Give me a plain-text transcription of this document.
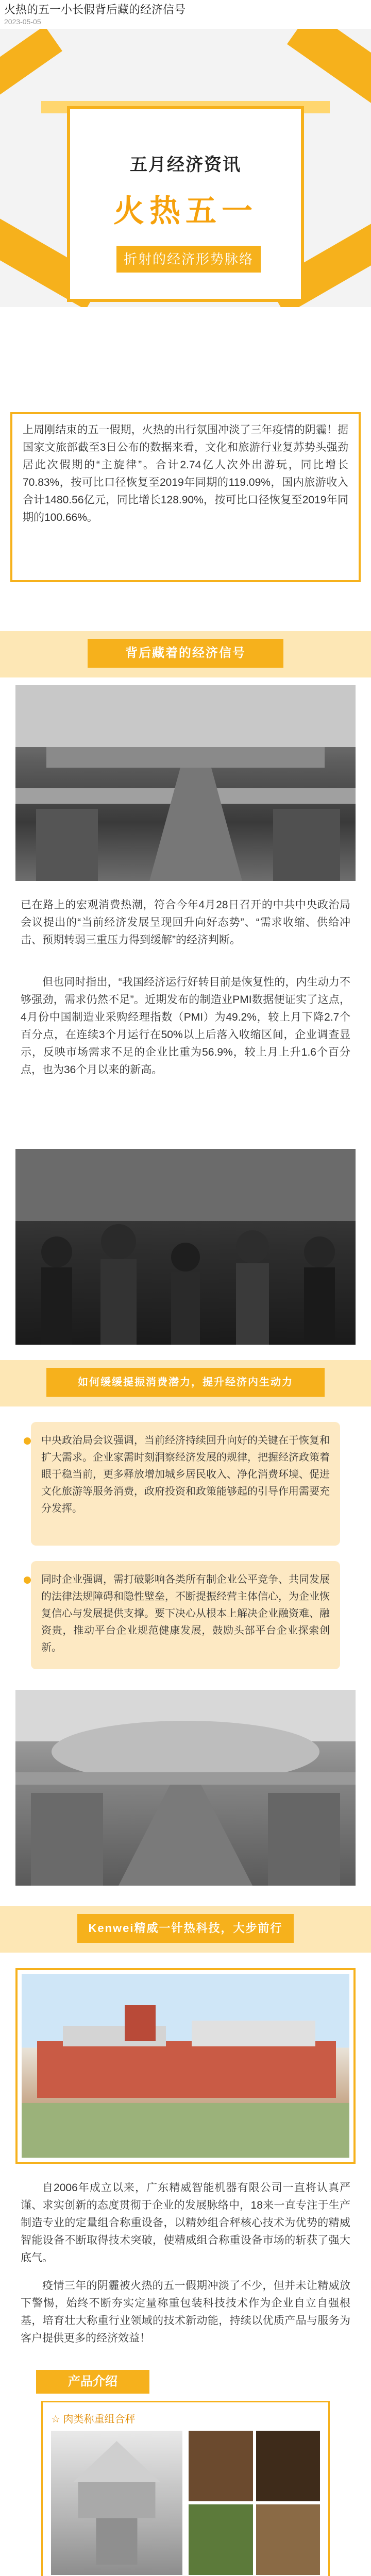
火热的五一小长假背后藏的经济信号
2023-05-05
五月经济资讯
火热五一
折射的经济形势脉络
上周刚结束的五一假期，火热的出行氛围冲淡了三年疫情的阴霾！据国家文旅部截至3日公布的数据来看，文化和旅游行业复苏势头强劲居此次假期的“主旋律”。合计2.74亿人次外出游玩，同比增长70.83%，按可比口径恢复至2019年同期的119.09%，国内旅游收入合计1480.56亿元，同比增长128.90%，按可比口径恢复至2019年同期的100.66%。
背后藏着的经济信号
已在路上的宏观消费热潮，符合今年4月28日召开的中共中央政治局会议提出的“当前经济发展呈现回升向好态势”、“需求收缩、供给冲击、预期转弱三重压力得到缓解”的经济判断。
但也同时指出，“我国经济运行好转目前是恢复性的，内生动力不够强劲，需求仍然不足”。近期发布的制造业PMI数据便证实了这点，4月份中国制造业采购经理指数（PMI）为49.2%，较上月下降2.7个百分点，在连续3个月运行在50%以上后落入收缩区间，企业调查显示，反映市场需求不足的企业比重为56.9%，较上月上升1.6个百分点，也为36个月以来的新高。
如何缓缓提振消费潜力，提升经济内生动力
中央政治局会议强调，当前经济持续回升向好的关键在于恢复和扩大需求。企业家需时刻洞察经济发展的规律，把握经济政策着眼于稳当前，更多释放增加城乡居民收入、净化消费环境、促进文化旅游等服务消费，政府投资和政策能够起的引导作用需要充分发挥。
同时企业强调，需打破影响各类所有制企业公平竞争、共同发展的法律法规障碍和隐性壁垒，不断提振经营主体信心，为企业恢复信心与发展提供支撑。要下决心从根本上解决企业融资难、融资贵，推动平台企业规范健康发展，鼓励头部平台企业探索创新。
Kenwei精威一针热科技，大步前行
自2006年成立以来，广东精威智能机器有限公司一直将认真严谨、求实创新的态度贯彻于企业的发展脉络中，18来一直专注于生产制造专业的定量组合称重设备，以精妙组合秤核心技术为优势的精威智能设备不断取得技术突破，使精威组合称重设备市场的斩获了强大底气。
疫情三年的阴霾被火热的五一假期冲淡了不少，但并未让精威放下警惕，始终不断夯实定量称重包装科技技术作为企业自立自强根基，培育壮大称重行业领域的技术新动能，持续以优质产品与服务为客户提供更多的经济效益！
产品介绍
☆ 肉类称重组合秤
